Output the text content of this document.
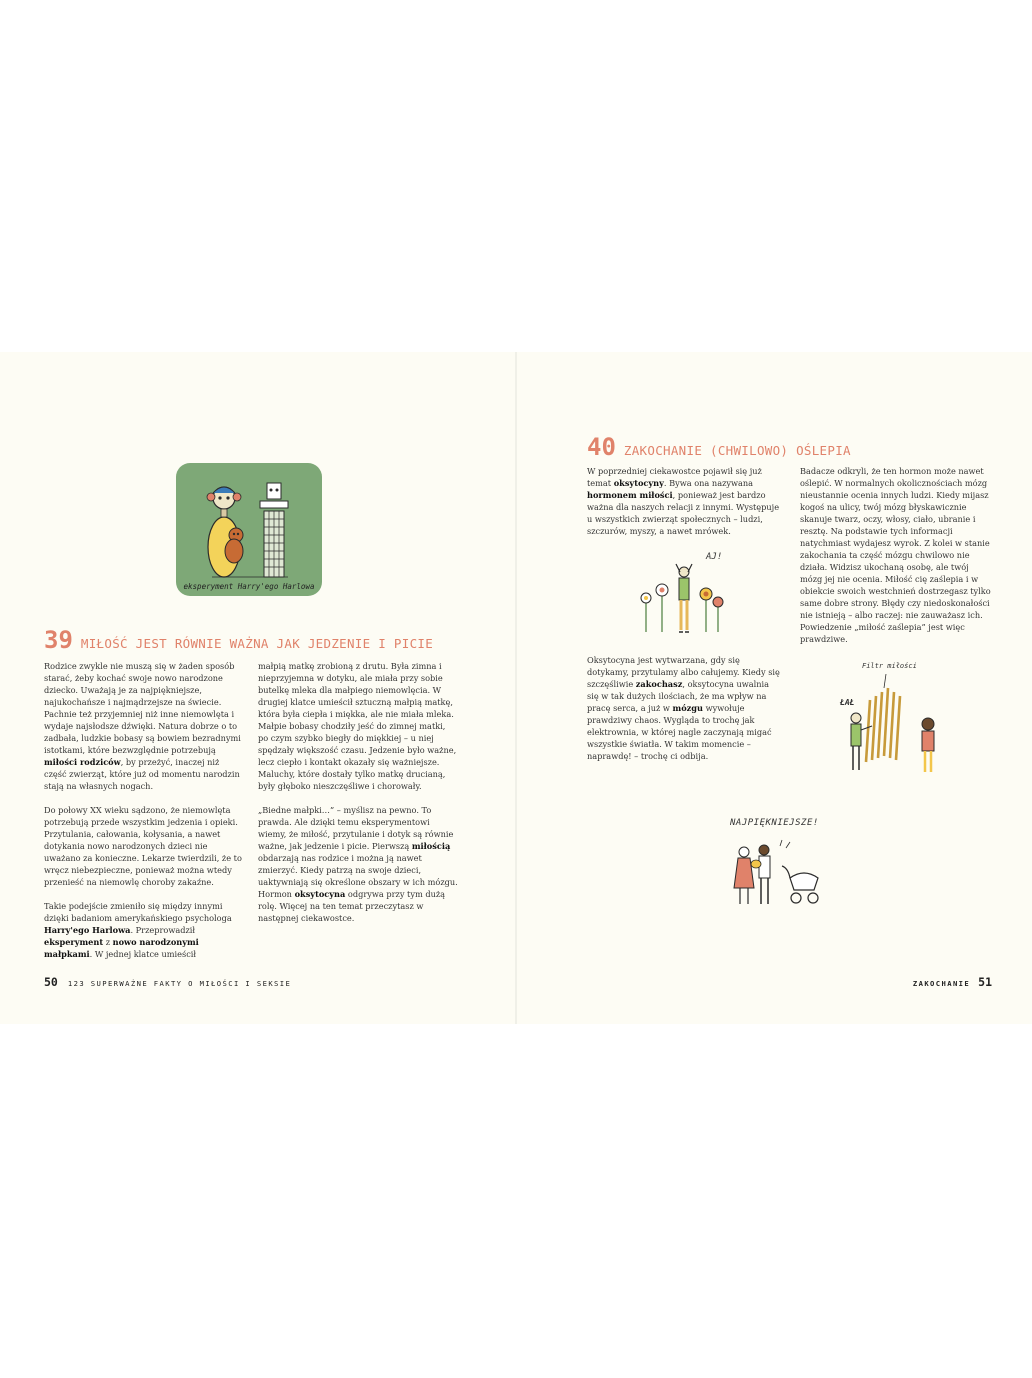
eksperyment Harry'ego Harlowa
39 MIŁOŚĆ JEST RÓWNIE WAŻNA JAK JEDZENIE I PICIE

Rodzice zwykle nie muszą się w żaden sposób starać, żeby kochać swoje nowo narodzone dziecko. Uważają je za najpiękniejsze, najukochańsze i najmądrzejsze na świecie. Pachnie też przyjemniej niż inne niemowlęta i wydaje najsłodsze dźwięki. Natura dobrze o to zadbała, ludzkie bobasy są bowiem bezradnymi istotkami, które bezwzględnie potrzebują miłości rodziców, by przeżyć, inaczej niż część zwierząt, które już od momentu narodzin stają na własnych nogach.

Do połowy XX wieku sądzono, że niemowlęta potrzebują przede wszystkim jedzenia i opieki. Przytulania, całowania, kołysania, a nawet dotykania nowo narodzonych dzieci nie uważano za konieczne. Lekarze twierdzili, że to wręcz niebezpieczne, ponieważ można wtedy przenieść na niemowlę choroby zakaźne.

Takie podejście zmieniło się między innymi dzięki badaniom amerykańskiego psychologa Harry'ego Harlowa. Przeprowadził eksperyment z nowo narodzonymi małpkami. W jednej klatce umieścił

małpią matkę zrobioną z drutu. Była zimna i nieprzyjemna w dotyku, ale miała przy sobie butelkę mleka dla małpiego niemowlęcia. W drugiej klatce umieścił sztuczną małpią matkę, która była ciepła i miękka, ale nie miała mleka. Małpie bobasy chodziły jeść do zimnej matki, po czym szybko biegły do miękkiej – u niej spędzały większość czasu. Jedzenie było ważne, lecz ciepło i kontakt okazały się ważniejsze. Maluchy, które dostały tylko matkę drucianą, były głęboko nieszczęśliwe i chorowały.

„Biedne małpki…” – myślisz na pewno. To prawda. Ale dzięki temu eksperymentowi wiemy, że miłość, przytulanie i dotyk są równie ważne, jak jedzenie i picie. Pierwszą miłością obdarzają nas rodzice i można ją nawet zmierzyć. Kiedy patrzą na swoje dzieci, uaktywniają się określone obszary w ich mózgu. Hormon oksytocyna odgrywa przy tym dużą rolę. Więcej na ten temat przeczytasz w następnej ciekawostce.

50 123 SUPERWAŻNE FAKTY O MIŁOŚCI I SEKSIE
40 ZAKOCHANIE (CHWILOWO) OŚLEPIA

W poprzedniej ciekawostce pojawił się już temat oksytocyny. Bywa ona nazywana hormonem miłości, ponieważ jest bardzo ważna dla naszych relacji z innymi. Występuje u wszystkich zwierząt społecznych – ludzi, szczurów, myszy, a nawet mrówek.

AJ!

Oksytocyna jest wytwarzana, gdy się dotykamy, przytulamy albo całujemy. Kiedy się szczęśliwie zakochasz, oksytocyna uwalnia się w tak dużych ilościach, że ma wpływ na pracę serca, a już w mózgu wywołuje prawdziwy chaos. Wygląda to trochę jak elektrownia, w której nagle zaczynają migać wszystkie światła. W takim momencie – naprawdę! – trochę ci odbija.

Badacze odkryli, że ten hormon może nawet oślepić. W normalnych okolicznościach mózg nieustannie ocenia innych ludzi. Kiedy mijasz kogoś na ulicy, twój mózg błyskawicznie skanuje twarz, oczy, włosy, ciało, ubranie i resztę. Na podstawie tych informacji natychmiast wydajesz wyrok. Z kolei w stanie zakochania ta część mózgu chwilowo nie działa. Widzisz ukochaną osobę, ale twój mózg jej nie ocenia. Miłość cię zaślepia i w obiekcie swoich westchnień dostrzegasz tylko same dobre strony. Błędy czy niedoskonałości nie istnieją – albo raczej: nie zauważasz ich. Powiedzenie „miłość zaślepia” jest więc prawdziwe.

Filtr miłości
ŁAŁ
NAJPIĘKNIEJSZE!
ZAKOCHANIE 51
